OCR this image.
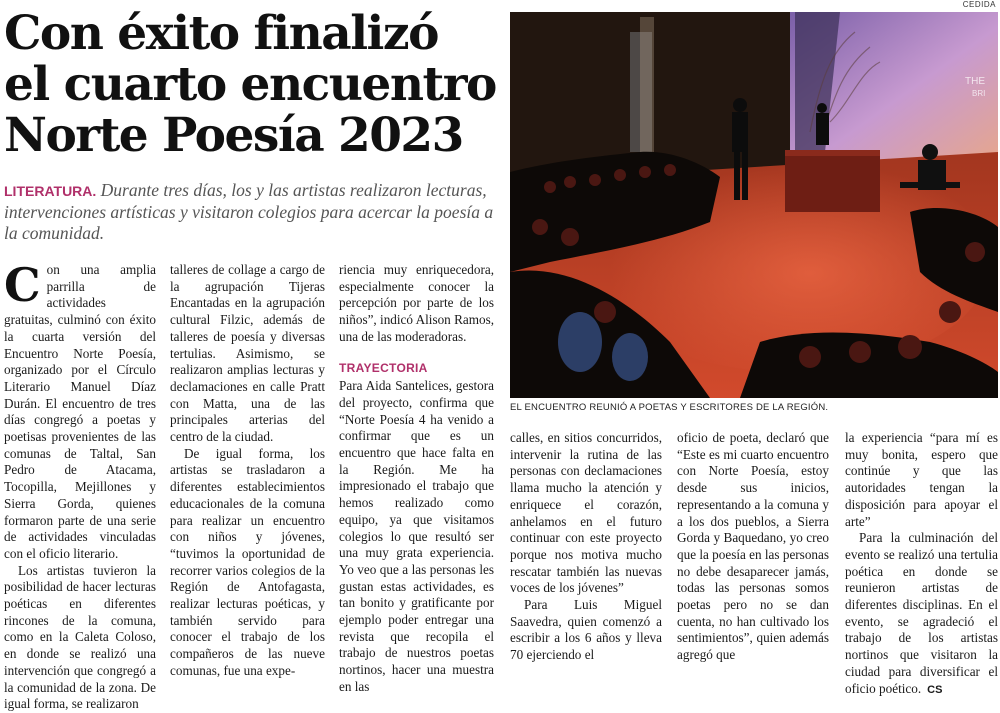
Con éxito finalizó
el cuarto encuentro
Norte Poesía 2023
LITERATURA. Durante tres días, los y las artistas realizaron lecturas, intervenciones artísticas y visitaron colegios para acercar la poesía a la comunidad.
CEDIDA
THE
BRI
EL ENCUENTRO REUNIÓ A POETAS Y ESCRITORES DE LA REGIÓN.

Con una amplia parrilla de actividades gratuitas, culminó con éxito la cuarta versión del Encuentro Norte Poesía, organizado por el Círculo Literario Manuel Díaz Durán. El encuentro de tres días congregó a poetas y poetisas provenientes de las comunas de Taltal, San Pedro de Atacama, Tocopilla, Mejillones y Sierra Gorda, quienes formaron parte de una serie de actividades vinculadas con el oficio literario.

Los artistas tuvieron la posibilidad de hacer lecturas poéticas en diferentes rincones de la comuna, como en la Caleta Coloso, en donde se realizó una intervención que congregó a la comunidad de la zona. De igual forma, se realizaron

talleres de collage a cargo de la agrupación Tijeras Encantadas en la agrupación cultural Filzic, además de talleres de poesía y diversas tertulias. Asimismo, se realizaron amplias lecturas y declamaciones en calle Pratt con Matta, una de las principales arterias del centro de la ciudad.

De igual forma, los artistas se trasladaron a diferentes establecimientos educacionales de la comuna para realizar un encuentro con niños y jóvenes, “tuvimos la oportunidad de recorrer varios colegios de la Región de Antofagasta, realizar lecturas poéticas, y también servido para conocer el trabajo de los compañeros de las nueve comunas, fue una expe-

riencia muy enriquecedora, especialmente conocer la percepción por parte de los niños”, indicó Alison Ramos, una de las moderadoras.

TRAYECTORIA

Para Aida Santelices, gestora del proyecto, confirma que “Norte Poesía 4 ha venido a confirmar que es un encuentro que hace falta en la Región. Me ha impresionado el trabajo que hemos realizado como equipo, ya que visitamos colegios lo que resultó ser una muy grata experiencia. Yo veo que a las personas les gustan estas actividades, es tan bonito y gratificante por ejemplo poder entregar una revista que recopila el trabajo de nuestros poetas nortinos, hacer una muestra en las

calles, en sitios concurridos, intervenir la rutina de las personas con declamaciones llama mucho la atención y enriquece el corazón, anhelamos en el futuro continuar con este proyecto porque nos motiva mucho rescatar también las nuevas voces de los jóvenes”

Para Luis Miguel Saavedra, quien comenzó a escribir a los 6 años y lleva 70 ejerciendo el

oficio de poeta, declaró que “Este es mi cuarto encuentro con Norte Poesía, estoy desde sus inicios, representando a la comuna y a los dos pueblos, a Sierra Gorda y Baquedano, yo creo que la poesía en las personas no debe desaparecer jamás, todas las personas somos poetas pero no se dan cuenta, no han cultivado los sentimientos”, quien además agregó que

la experiencia “para mí es muy bonita, espero que continúe y que las autoridades tengan la disposición para apoyar el arte”

Para la culminación del evento se realizó una tertulia poética en donde se reunieron artistas de diferentes disciplinas. En el evento, se agradeció el trabajo de los artistas nortinos que visitaron la ciudad para diversificar el oficio poético. CS
